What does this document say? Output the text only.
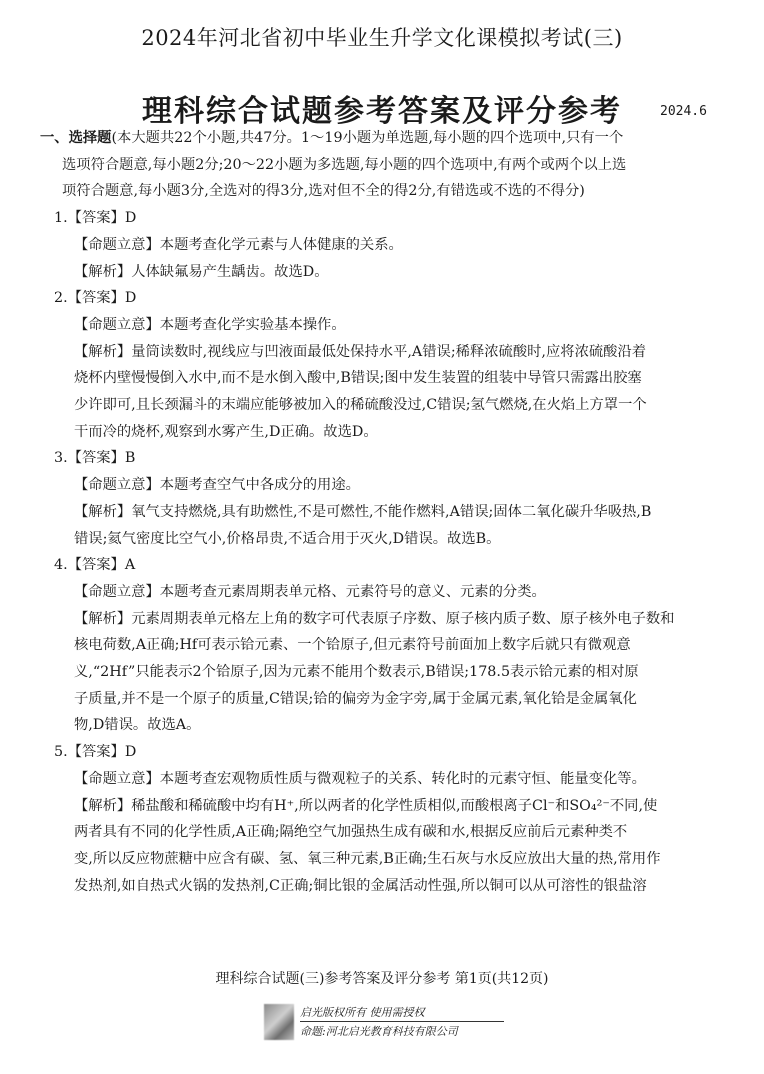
2024年河北省初中毕业生升学文化课模拟考试(三)
理科综合试题参考答案及评分参考	2024.6
一、选择题(本大题共22个小题,共47分。1～19小题为单选题,每小题的四个选项中,只有一个
选项符合题意,每小题2分;20～22小题为多选题,每小题的四个选项中,有两个或两个以上选
项符合题意,每小题3分,全选对的得3分,选对但不全的得2分,有错选或不选的不得分)
1.【答案】D
【命题立意】本题考查化学元素与人体健康的关系。
【解析】人体缺氟易产生龋齿。故选D。
2.【答案】D
【命题立意】本题考查化学实验基本操作。
【解析】量筒读数时,视线应与凹液面最低处保持水平,A错误;稀释浓硫酸时,应将浓硫酸沿着
烧杯内壁慢慢倒入水中,而不是水倒入酸中,B错误;图中发生装置的组装中导管只需露出胶塞
少许即可,且长颈漏斗的末端应能够被加入的稀硫酸没过,C错误;氢气燃烧,在火焰上方罩一个
干而冷的烧杯,观察到水雾产生,D正确。故选D。
3.【答案】B
【命题立意】本题考查空气中各成分的用途。
【解析】氧气支持燃烧,具有助燃性,不是可燃性,不能作燃料,A错误;固体二氧化碳升华吸热,B
错误;氦气密度比空气小,价格昂贵,不适合用于灭火,D错误。故选B。
4.【答案】A
【命题立意】本题考查元素周期表单元格、元素符号的意义、元素的分类。
【解析】元素周期表单元格左上角的数字可代表原子序数、原子核内质子数、原子核外电子数和
核电荷数,A正确;Hf可表示铪元素、一个铪原子,但元素符号前面加上数字后就只有微观意
义,“2Hf”只能表示2个铪原子,因为元素不能用个数表示,B错误;178.5表示铪元素的相对原
子质量,并不是一个原子的质量,C错误;铪的偏旁为金字旁,属于金属元素,氧化铪是金属氧化
物,D错误。故选A。
5.【答案】D
【命题立意】本题考查宏观物质性质与微观粒子的关系、转化时的元素守恒、能量变化等。
【解析】稀盐酸和稀硫酸中均有H⁺,所以两者的化学性质相似,而酸根离子Cl⁻和SO₄²⁻不同,使
两者具有不同的化学性质,A正确;隔绝空气加强热生成有碳和水,根据反应前后元素种类不
变,所以反应物蔗糖中应含有碳、氢、氧三种元素,B正确;生石灰与水反应放出大量的热,常用作
发热剂,如自热式火锅的发热剂,C正确;铜比银的金属活动性强,所以铜可以从可溶性的银盐溶
理科综合试题(三)参考答案及评分参考 第1页(共12页)
启光版权所有 使用需授权
命题:河北启光教育科技有限公司
